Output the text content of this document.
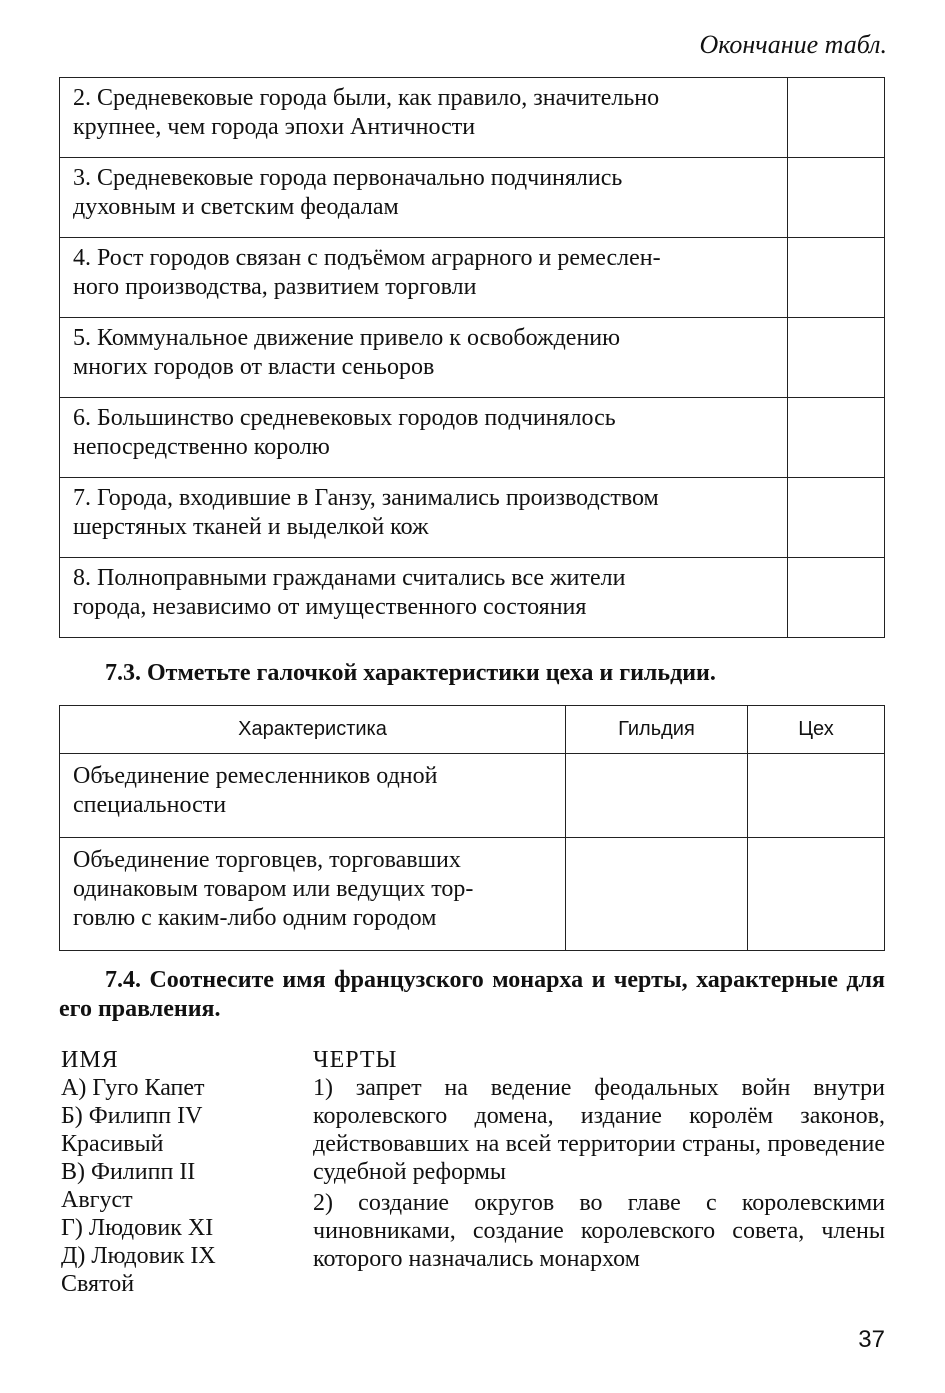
Окончание табл.
2. Средневековые города были, как правило, значительно
крупнее, чем города эпохи Античности	
3. Средневековые города первоначально подчинялись
духовным и светским феодалам	
4. Рост городов связан с подъёмом аграрного и ремеслен-
ного производства, развитием торговли	
5. Коммунальное движение привело к освобождению
многих городов от власти сеньоров	
6. Большинство средневековых городов подчинялось
непосредственно королю	
7. Города, входившие в Ганзу, занимались производством
шерстяных тканей и выделкой кож	
8. Полноправными гражданами считались все жители
города, независимо от имущественного состояния	
7.3. Отметьте галочкой характеристики цеха и гильдии.
Характеристика	Гильдия	Цех
Объединение ремесленников одной
специальности		
Объединение торговцев, торговавших
одинаковым товаром или ведущих тор-
говлю с каким-либо одним городом		
7.4. Соотнесите имя французского монарха и черты, характерные для его правления.
ИМЯ
А) Гуго Капет
Б) Филипп IV
Красивый
В) Филипп II
Август
Г) Людовик XI
Д) Людовик IX
Святой
ЧЕРТЫ
1) запрет на ведение феодальных войн внутри королевского домена, издание королём законов, действовавших на всей территории страны, проведение судебной реформы
2) создание округов во главе с королевскими чиновниками, создание королевского совета, члены которого назначались монархом
37
